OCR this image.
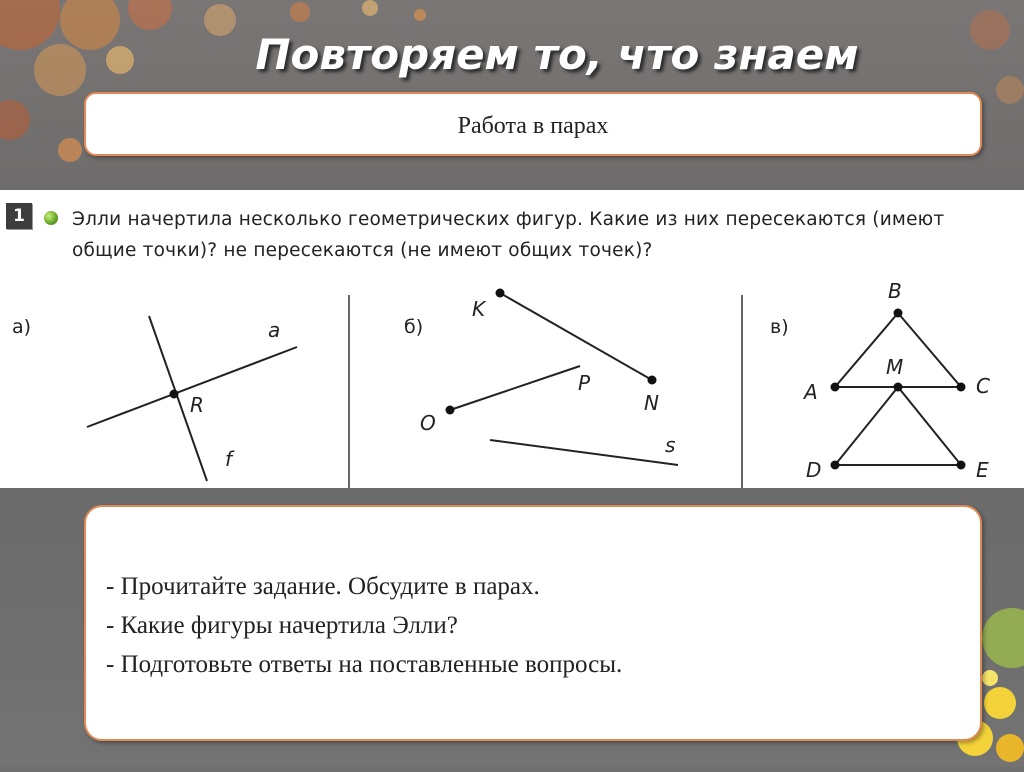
Повторяем то, что знаем
Работа в парах
1	Элли начертила несколько геометрических фигур. Какие из них пересекаются (имеют общие точки)? не пересекаются (не имеют общих точек)?

а)	a
R
f
б)
K
P
N
O
s
в)
B
M
A	C
D	E
- Прочитайте задание. Обсудите в парах.
- Какие фигуры начертила Элли?
- Подготовьте ответы на поставленные вопросы.
